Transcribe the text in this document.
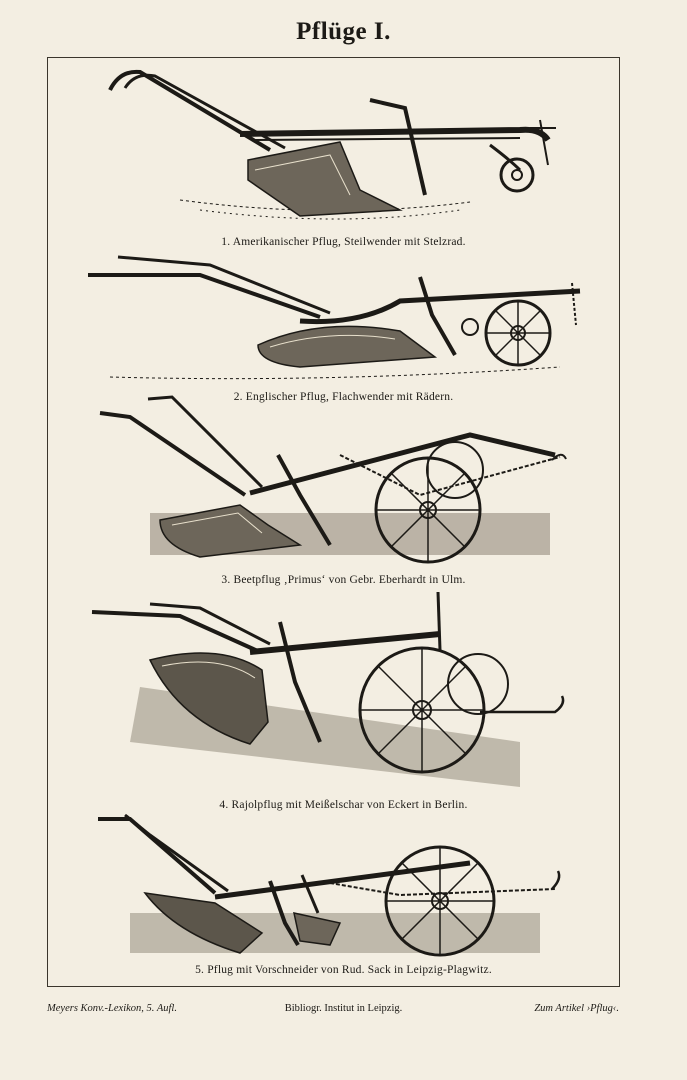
Pflüge I.
1. Amerikanischer Pflug, Steilwender mit Stelzrad.
2. Englischer Pflug, Flachwender mit Rädern.
3. Beetpflug ‚Primus‘ von Gebr. Eberhardt in Ulm.
4. Rajolpflug mit Meißelschar von Eckert in Berlin.
5. Pflug mit Vorschneider von Rud. Sack in Leipzig-Plagwitz.
Meyers Konv.-Lexikon, 5. Aufl.	Bibliogr. Institut in Leipzig.	Zum Artikel ›Pflug‹.
